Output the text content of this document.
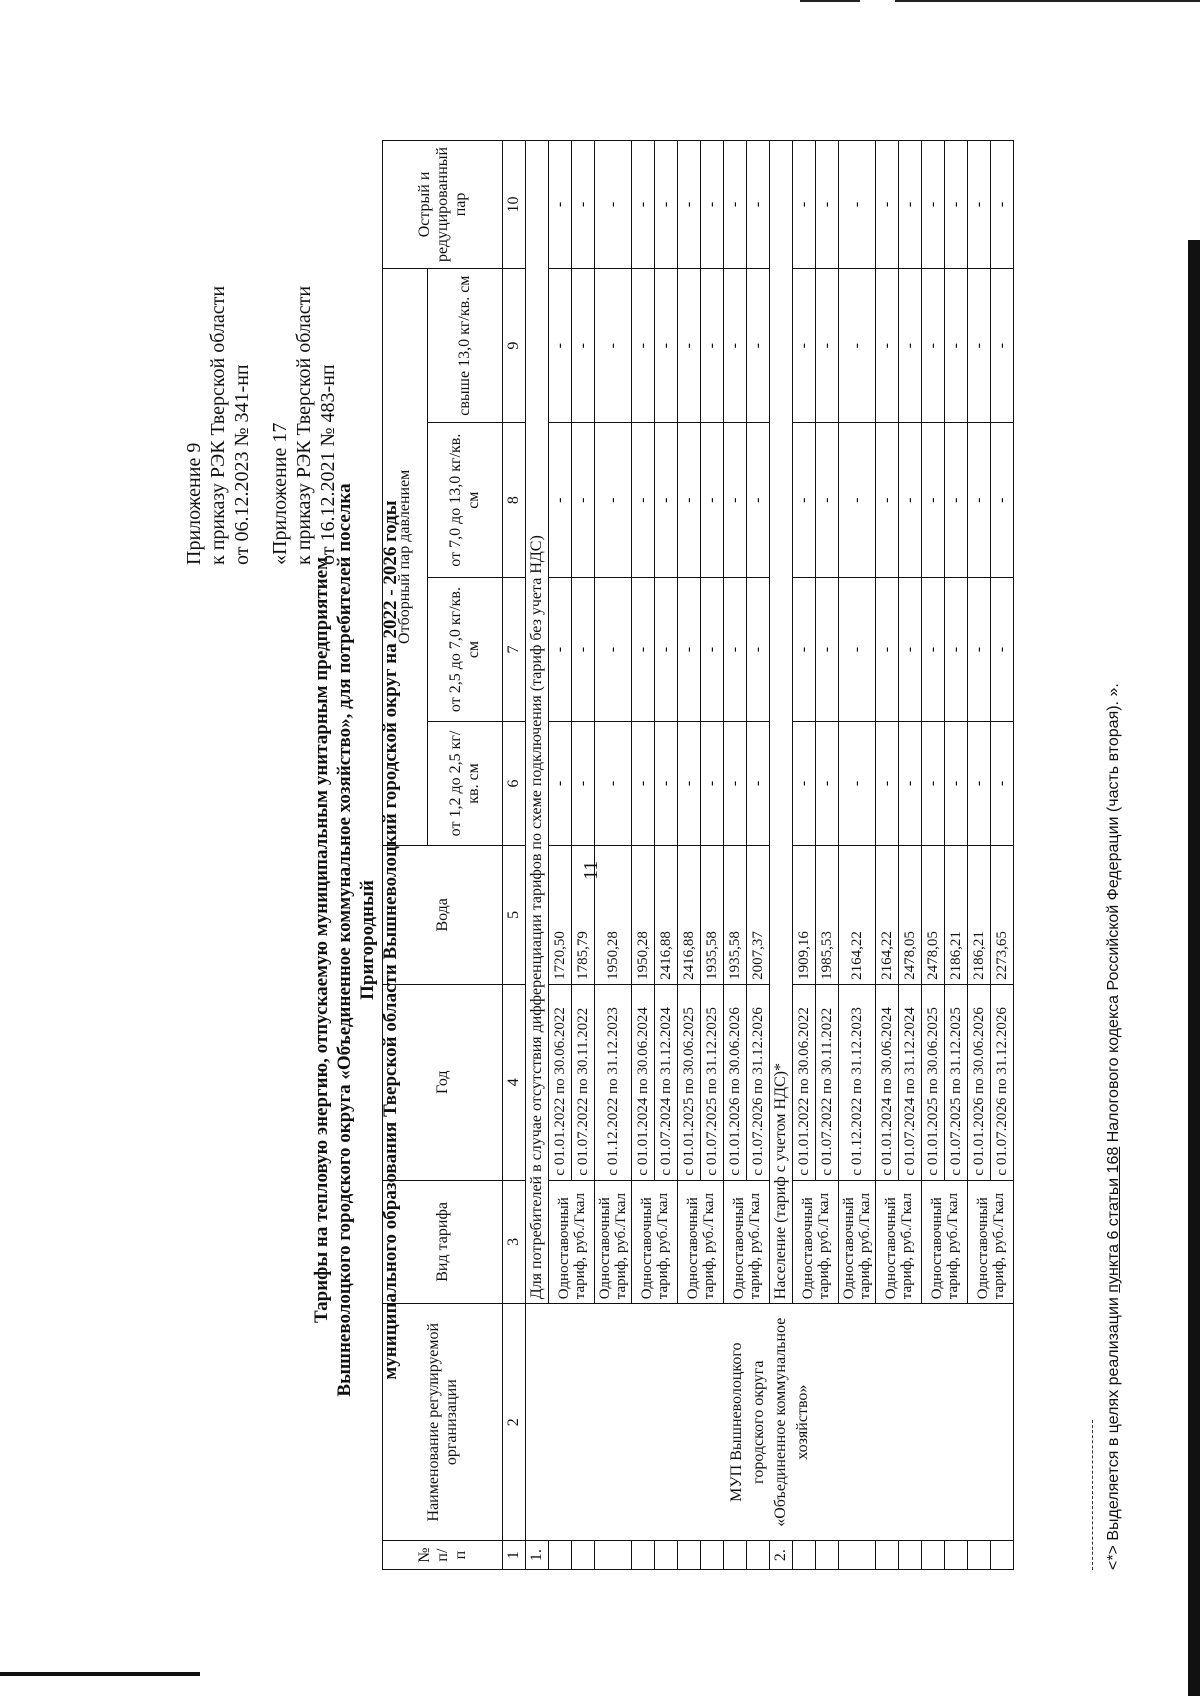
Приложение 9 к приказу РЭК Тверской области от 06.12.2023 № 341-нп «Приложение 17 к приказу РЭК Тверской области от 16.12.2021 № 483-нп
Тарифы на тепловую энергию, отпускаемую муниципальным унитарным предприятием Вышневолоцкого городского округа «Объединенное коммунальное хозяйство», для потребителей поселка Пригородный муниципального образования Тверской области Вышневолоцкий городской округ на 2022 - 2026 годы
№ п/п	Наименование регулируемой организации	Вид тарифа	Год	Вода	Отборный пар давлением				Острый и редуцированный пар
					от 1,2 до 2,5 кг/кв. см	от 2,5 до 7,0 кг/кв. см	от 7,0 до 13,0 кг/кв. см	свыше 13,0 кг/кв. см	
1	2	3	4	5	6	7	8	9	10
1.	МУП Вышневолоцкого городского округа «Объединенное коммунальное хозяйство»	Для потребителей в случае отсутствия дифференциации тарифов по схеме подключения (тариф без учета НДС)							
		Одноставочный тариф, руб./Гкал	с 01.01.2022 по 30.06.2022	1720,50	-	-	-	-	-
			с 01.07.2022 по 30.11.2022	1785,79	-	-	-	-	-
		Одноставочный тариф, руб./Гкал	с 01.12.2022 по 31.12.2023	1950,28	-	-	-	-	-
		Одноставочный тариф, руб./Гкал	с 01.01.2024 по 30.06.2024	1950,28	-	-	-	-	-
			с 01.07.2024 по 31.12.2024	2416,88	-	-	-	-	-
		Одноставочный тариф, руб./Гкал	с 01.01.2025 по 30.06.2025	2416,88	-	-	-	-	-
			с 01.07.2025 по 31.12.2025	1935,58	-	-	-	-	-
		Одноставочный тариф, руб./Гкал	с 01.01.2026 по 30.06.2026	1935,58	-	-	-	-	-
			с 01.07.2026 по 31.12.2026	2007,37	-	-	-	-	-
2.		Население (тариф с учетом НДС)*							
		Одноставочный тариф, руб./Гкал	с 01.01.2022 по 30.06.2022	1909,16	-	-	-	-	-
			с 01.07.2022 по 30.11.2022	1985,53	-	-	-	-	-
		Одноставочный тариф, руб./Гкал	с 01.12.2022 по 31.12.2023	2164,22	-	-	-	-	-
		Одноставочный тариф, руб./Гкал	с 01.01.2024 по 30.06.2024	2164,22	-	-	-	-	-
			с 01.07.2024 по 31.12.2024	2478,05	-	-	-	-	-
		Одноставочный тариф, руб./Гкал	с 01.01.2025 по 30.06.2025	2478,05	-	-	-	-	-
			с 01.07.2025 по 31.12.2025	2186,21	-	-	-	-	-
		Одноставочный тариф, руб./Гкал	с 01.01.2026 по 30.06.2026	2186,21	-	-	-	-	-
			с 01.07.2026 по 31.12.2026	2273,65	-	-	-	-	-
<*> Выделяется в целях реализации пункта 6 статьи 168 Налогового кодекса Российской Федерации (часть вторая). ».
11
